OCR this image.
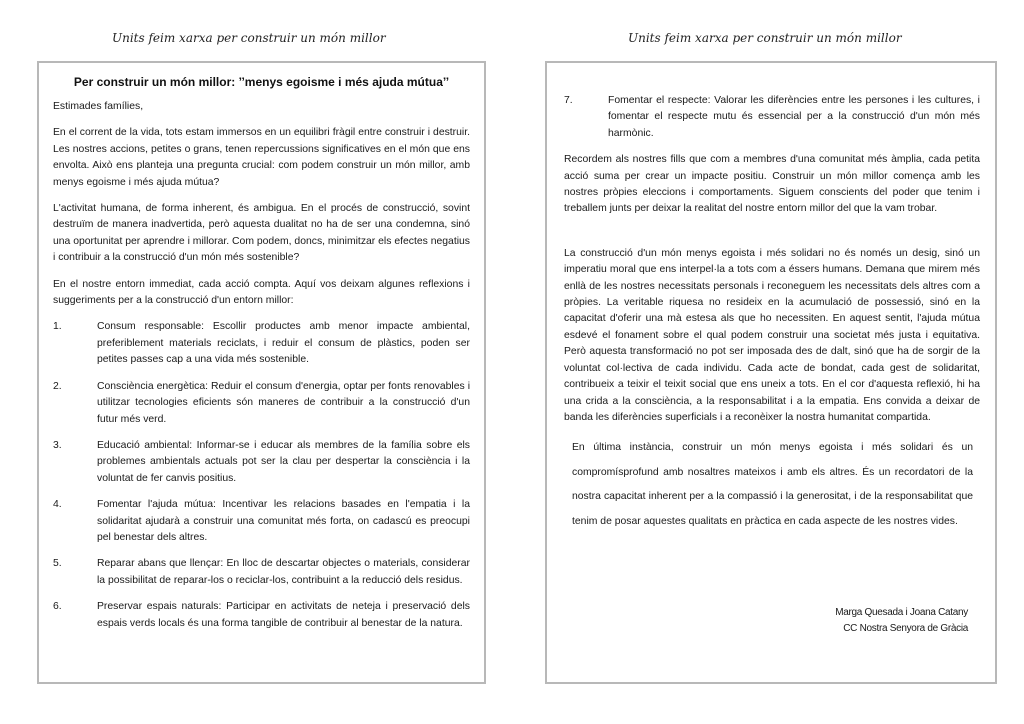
Units feim xarxa per construir un món millor	Units feim xarxa per construir un món millor
Per construir un món millor: ’’menys egoisme i més ajuda mútua’’

Estimades famílies,

En el corrent de la vida, tots estam immersos en un equilibri fràgil entre construir i destruir. Les nostres accions, petites o grans, tenen repercussions significatives en el món que ens envolta. Això ens planteja una pregunta crucial: com podem construir un món millor, amb menys egoisme i més ajuda mútua?

L'activitat humana, de forma inherent, és ambigua. En el procés de construcció, sovint destruïm de manera inadvertida, però aquesta dualitat no ha de ser una condemna, sinó una oportunitat per aprendre i millorar. Com podem, doncs, minimitzar els efectes negatius i contribuir a la construcció d'un món més sostenible?

En el nostre entorn immediat, cada acció compta. Aquí vos deixam algunes reflexions i suggeriments per a la construcció d'un entorn millor:

1.	Consum responsable: Escollir productes amb menor impacte ambiental, preferiblement materials reciclats, i reduir el consum de plàstics, poden ser petites passes cap a una vida més sostenible.

2.	Consciència energètica: Reduir el consum d'energia, optar per fonts renovables i utilitzar tecnologies eficients són maneres de contribuir a la construcció d'un futur més verd.

3.	Educació ambiental: Informar-se i educar als membres de la família sobre els problemes ambientals actuals pot ser la clau per despertar la consciència i la voluntat de fer canvis positius.

4.	Fomentar l'ajuda mútua: Incentivar les relacions basades en l'empatia i la solidaritat ajudarà a construir una comunitat més forta, on cadascú es preocupi pel benestar dels altres.

5.	Reparar abans que llençar: En lloc de descartar objectes o materials, considerar la possibilitat de reparar-los o reciclar-los, contribuint a la reducció dels residus.

6.	Preservar espais naturals: Participar en activitats de neteja i preservació dels espais verds locals és una forma tangible de contribuir al benestar de la natura.

7.	Fomentar el respecte: Valorar les diferències entre les persones i les cultures, i fomentar el respecte mutu és essencial per a la construcció d'un món més harmònic.

Recordem als nostres fills que com a membres d'una comunitat més àmplia, cada petita acció suma per crear un impacte positiu. Construir un món millor comença amb les nostres pròpies eleccions i comportaments. Siguem conscients del poder que tenim i treballem junts per deixar la realitat del nostre entorn millor del que la vam trobar.

La construcció d'un món menys egoista i més solidari no és només un desig, sinó un imperatiu moral que ens interpel·la a tots com a éssers humans. Demana que mirem més enllà de les nostres necessitats personals i reconeguem les necessitats dels altres com a pròpies. La veritable riquesa no resideix en la acumulació de possessió, sinó en la capacitat d'oferir una mà estesa als que ho necessiten. En aquest sentit, l'ajuda mútua esdevé el fonament sobre el qual podem construir una societat més justa i equitativa. Però aquesta transformació no pot ser imposada des de dalt, sinó que ha de sorgir de la voluntat col·lectiva de cada individu. Cada acte de bondat, cada gest de solidaritat, contribueix a teixir el teixit social que ens uneix a tots. En el cor d'aquesta reflexió, hi ha una crida a la consciència, a la responsabilitat i a la empatia. Ens convida a deixar de banda les diferències superficials i a reconèixer la nostra humanitat compartida.

En última instància, construir un món menys egoista i més solidari és un compromísprofund amb nosaltres mateixos i amb els altres. És un recordatori de la nostra capacitat inherent per a la compassió i la generositat, i de la responsabilitat que tenim de posar aquestes qualitats en pràctica en cada aspecte de les nostres vides.

Marga Quesada i Joana Catany
CC Nostra Senyora de Gràcia
